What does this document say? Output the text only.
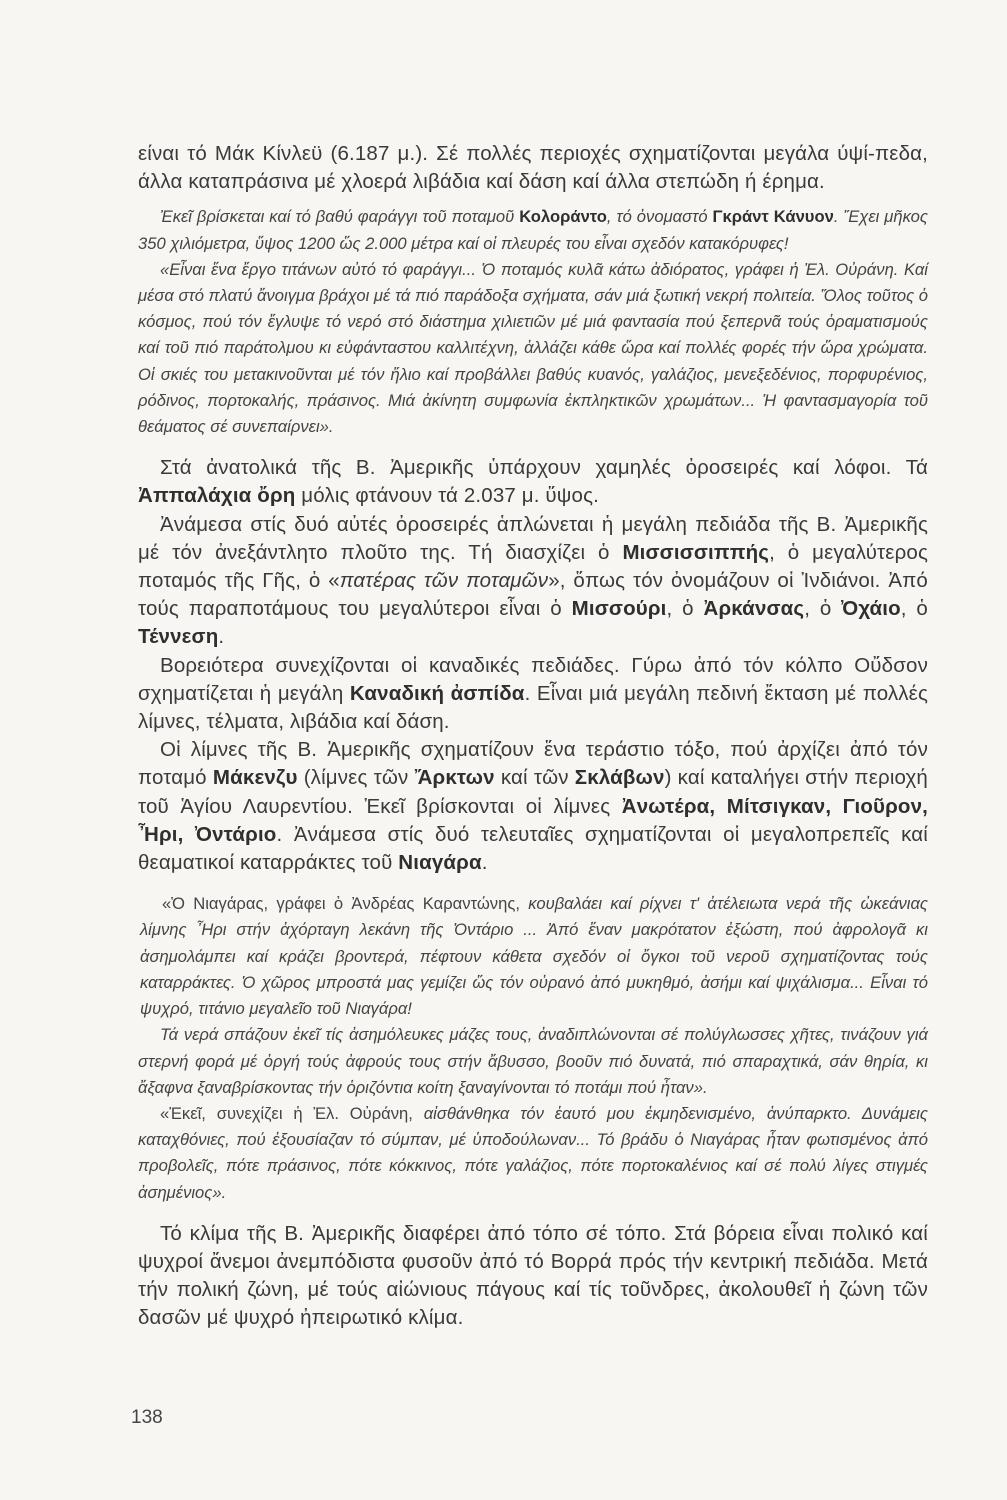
είναι τό Μάκ Κίνλεϋ (6.187 μ.). Σέ πολλές περιοχές σχηματίζονται μεγάλα ύψί-πεδα, άλλα καταπράσινα μέ χλοερά λιβάδια καί δάση καί άλλα στεπώδη ή έρημα.

Ἐκεῖ βρίσκεται καί τό βαθύ φαράγγι τοῦ ποταμοῦ Κολοράντο, τό ὀνομαστό Γκράντ Κάνυον. Ἔχει μῆκος 350 χιλιόμετρα, ὕψος 1200 ὥς 2.000 μέτρα καί οἱ πλευρές του εἶναι σχεδόν κατακόρυφες!

«Εἶναι ἕνα ἔργο τιτάνων αὐτό τό φαράγγι... Ὁ ποταμός κυλᾶ κάτω ἀδιόρατος, γράφει ἡ Ἐλ. Οὐράνη. Καί μέσα στό πλατύ ἄνοιγμα βράχοι μέ τά πιό παράδοξα σχήματα, σάν μιά ξωτική νεκρή πολιτεία. Ὅλος τοῦτος ὁ κόσμος, πού τόν ἔγλυψε τό νερό στό διάστημα χιλιετιῶν μέ μιά φαντασία πού ξεπερνᾶ τούς ὁραματισμούς καί τοῦ πιό παράτολμου κι εὐφάνταστου καλλιτέχνη, ἀλλάζει κάθε ὥρα καί πολλές φορές τήν ὥρα χρώματα. Οἱ σκιές του μετακινοῦνται μέ τόν ἥλιο καί προβάλλει βαθύς κυανός, γαλάζιος, μενεξεδένιος, πορφυρένιος, ρόδινος, πορτοκαλής, πράσινος. Μιά ἀκίνητη συμφωνία ἐκπληκτικῶν χρωμάτων... Ἡ φαντασμαγορία τοῦ θεάματος σέ συνεπαίρνει».

Στά ἀνατολικά τῆς Β. Ἀμερικῆς ὑπάρχουν χαμηλές ὀροσειρές καί λόφοι. Τά Ἀππαλάχια ὄρη μόλις φτάνουν τά 2.037 μ. ὕψος.

Ἀνάμεσα στίς δυό αὐτές ὀροσειρές ἁπλώνεται ἡ μεγάλη πεδιάδα τῆς Β. Ἀμερικῆς μέ τόν ἀνεξάντλητο πλοῦτο της. Τή διασχίζει ὁ Μισσισσιππής, ὁ μεγαλύτερος ποταμός τῆς Γῆς, ὁ «πατέρας τῶν ποταμῶν», ὅπως τόν ὀνομάζουν οἱ Ἰνδιάνοι. Ἀπό τούς παραποτάμους του μεγαλύτεροι εἶναι ὁ Μισσούρι, ὁ Ἀρκάνσας, ὁ Ὀχάιο, ὁ Τέννεση.

Βορειότερα συνεχίζονται οἱ καναδικές πεδιάδες. Γύρω ἀπό τόν κόλπο Οὔδσον σχηματίζεται ἡ μεγάλη Καναδική ἀσπίδα. Εἶναι μιά μεγάλη πεδινή ἔκταση μέ πολλές λίμνες, τέλματα, λιβάδια καί δάση.

Οἱ λίμνες τῆς Β. Ἀμερικῆς σχηματίζουν ἕνα τεράστιο τόξο, πού ἀρχίζει ἀπό τόν ποταμό Μάκενζυ (λίμνες τῶν Ἄρκτων καί τῶν Σκλάβων) καί καταλήγει στήν περιοχή τοῦ Ἁγίου Λαυρεντίου. Ἐκεῖ βρίσκονται οἱ λίμνες Ἀνωτέρα, Μίτσιγκαν, Γιοῦρον, Ἦρι, Ὀντάριο. Ἀνάμεσα στίς δυό τελευταῖες σχηματίζονται οἱ μεγαλοπρεπεῖς καί θεαματικοί καταρράκτες τοῦ Νιαγάρα.

«Ὁ Νιαγάρας, γράφει ὁ Ἀνδρέας Καραντώνης, κουβαλάει καί ρίχνει τ' ἀτέλειωτα νερά τῆς ὠκεάνιας λίμνης Ἦρι στήν ἀχόρταγη λεκάνη τῆς Ὀντάριο ... Ἀπό ἕναν μακρότατον ἐξώστη, πού ἀφρολογᾶ κι ἀσημολάμπει καί κράζει βροντερά, πέφτουν κάθετα σχεδόν οἱ ὄγκοι τοῦ νεροῦ σχηματίζοντας τούς καταρράκτες. Ὁ χῶρος μπροστά μας γεμίζει ὥς τόν οὐρανό ἀπό μυκηθμό, ἀσήμι καί ψιχάλισμα... Εἶναι τό ψυχρό, τιτάνιο μεγαλεῖο τοῦ Νιαγάρα!

Τά νερά σπάζουν ἐκεῖ τίς ἀσημόλευκες μάζες τους, ἀναδιπλώνονται σέ πολύγλωσσες χῆτες, τινάζουν γιά στερνή φορά μέ ὀργή τούς ἀφρούς τους στήν ἄβυσσο, βοοῦν πιό δυνατά, πιό σπαραχτικά, σάν θηρία, κι ἄξαφνα ξαναβρίσκοντας τήν ὁριζόντια κοίτη ξαναγίνονται τό ποτάμι πού ἦταν».

«Ἐκεῖ, συνεχίζει ἡ Ἐλ. Οὐράνη, αἰσθάνθηκα τόν ἑαυτό μου ἐκμηδενισμένο, ἀνύπαρκτο. Δυνάμεις καταχθόνιες, πού ἐξουσίαζαν τό σύμπαν, μέ ὑποδούλωναν... Τό βράδυ ὁ Νιαγάρας ἦταν φωτισμένος ἀπό προβολεῖς, πότε πράσινος, πότε κόκκινος, πότε γαλάζιος, πότε πορτοκαλένιος καί σέ πολύ λίγες στιγμές ἀσημένιος».

Τό κλίμα τῆς Β. Ἀμερικῆς διαφέρει ἀπό τόπο σέ τόπο. Στά βόρεια εἶναι πολικό καί ψυχροί ἄνεμοι ἀνεμπόδιστα φυσοῦν ἀπό τό Βορρά πρός τήν κεντρική πεδιάδα. Μετά τήν πολική ζώνη, μέ τούς αἰώνιους πάγους καί τίς τοῦνδρες, ἀκολουθεῖ ἡ ζώνη τῶν δασῶν μέ ψυχρό ἠπειρωτικό κλίμα.

138
